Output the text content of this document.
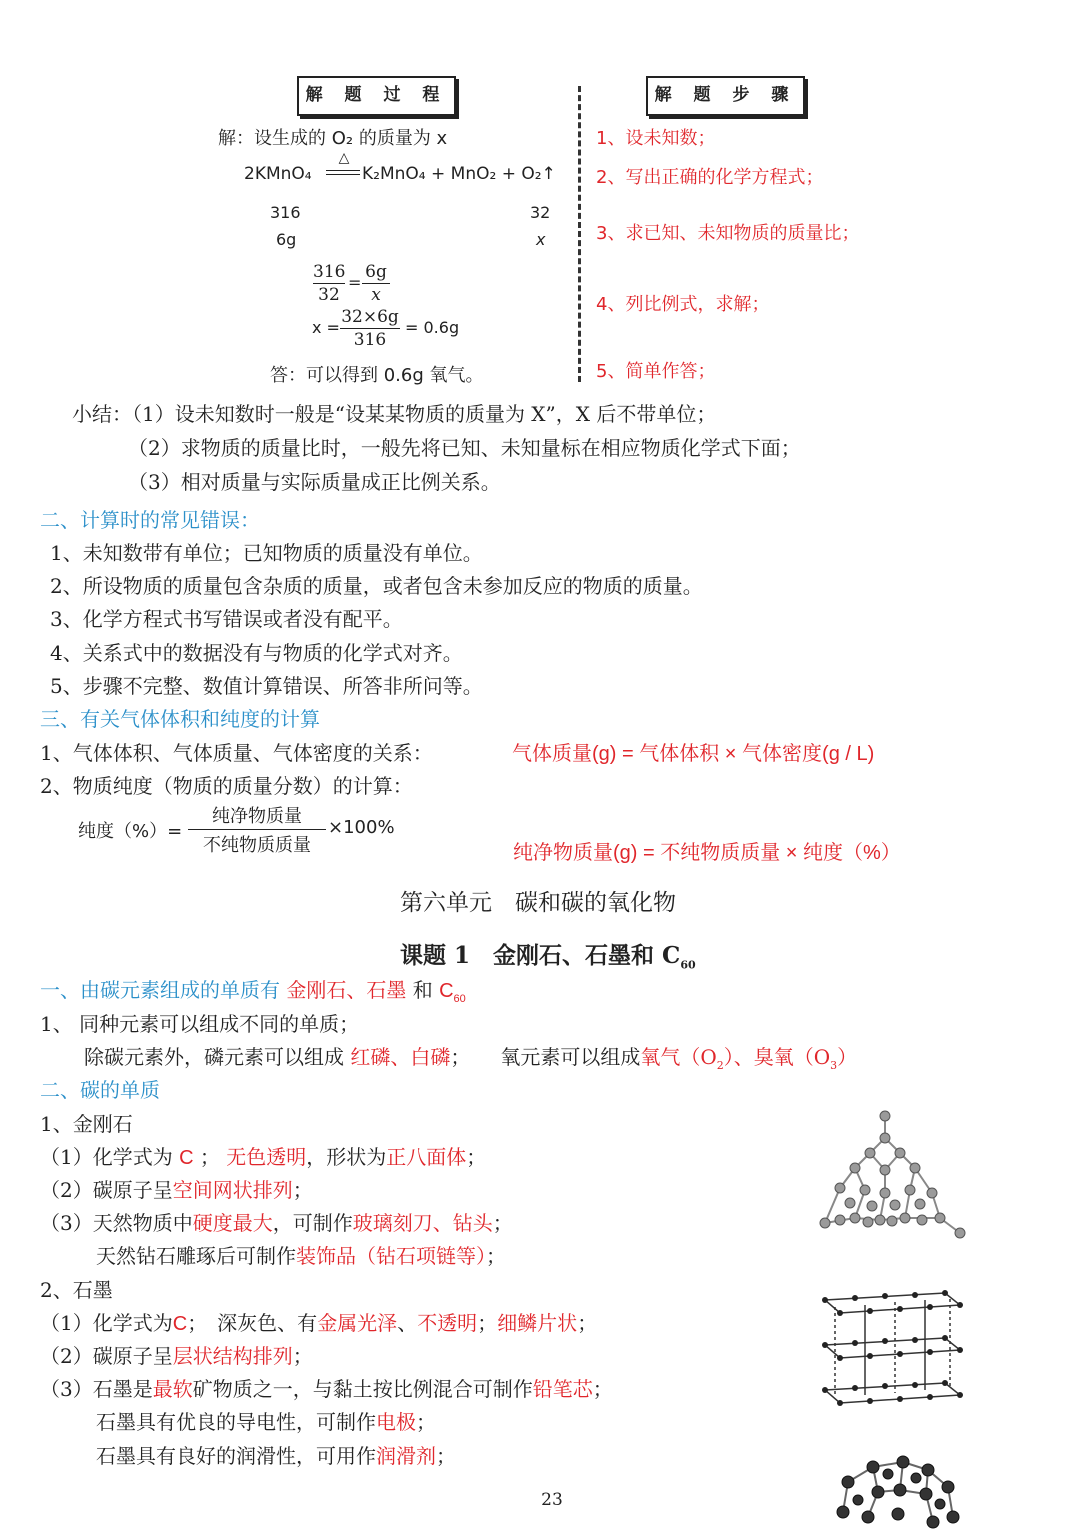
解 题 过 程	解 题 步 骤
解：设生成的 O₂ 的质量为 x
2KMnO₄
△
K₂MnO₄ + MnO₂ + O₂↑
316	32
6g	x
316
32
=
6g
x
x =
32×6g
316
= 0.6g
答：可以得到 0.6g 氧气。
1、设未知数；
2、写出正确的化学方程式；
3、求已知、未知物质的质量比；
4、列比例式，求解；
5、简单作答；
小结：（1）设未知数时一般是“设某某物质的质量为 X”，X 后不带单位；
（2）求物质的质量比时，一般先将已知、未知量标在相应物质化学式下面；
（3）相对质量与实际质量成正比例关系。
二、计算时的常见错误：
1、未知数带有单位；已知物质的质量没有单位。
2、所设物质的质量包含杂质的质量，或者包含未参加反应的物质的质量。
3、化学方程式书写错误或者没有配平。
4、关系式中的数据没有与物质的化学式对齐。
5、步骤不完整、数值计算错误、所答非所问等。
三、有关气体体积和纯度的计算
1、气体体积、气体质量、气体密度的关系：	气体质量(g) = 气体体积 × 气体密度(g / L)
2、物质纯度（物质的质量分数）的计算：
纯度（%）=
纯净物质量
不纯物质质量
×100%
纯净物质量(g) = 不纯物质质量 × 纯度（%）
第六单元　碳和碳的氧化物
课题 1　金刚石、石墨和 $C_{60}$
一、由碳元素组成的单质有 金刚石、石墨 和 $C_{60}$
1、 同种元素可以组成不同的单质；
除碳元素外，磷元素可以组成 红磷、白磷；　　氧元素可以组成氧气$(O_2)$、臭氧$(O_3)$
二、碳的单质
1、金刚石
（1）化学式为 C ； 无色透明，形状为正八面体；
（2）碳原子呈空间网状排列；
（3）天然物质中硬度最大，可制作玻璃刻刀、钻头；
天然钻石雕琢后可制作装饰品（钻石项链等）；
2、石墨
（1）化学式为C；　深灰色、有金属光泽、不透明；细鳞片状；
（2）碳原子呈层状结构排列；
（3）石墨是最软矿物质之一，与黏土按比例混合可制作铅笔芯；
石墨具有优良的导电性，可制作电极；
石墨具有良好的润滑性，可用作润滑剂；
23
